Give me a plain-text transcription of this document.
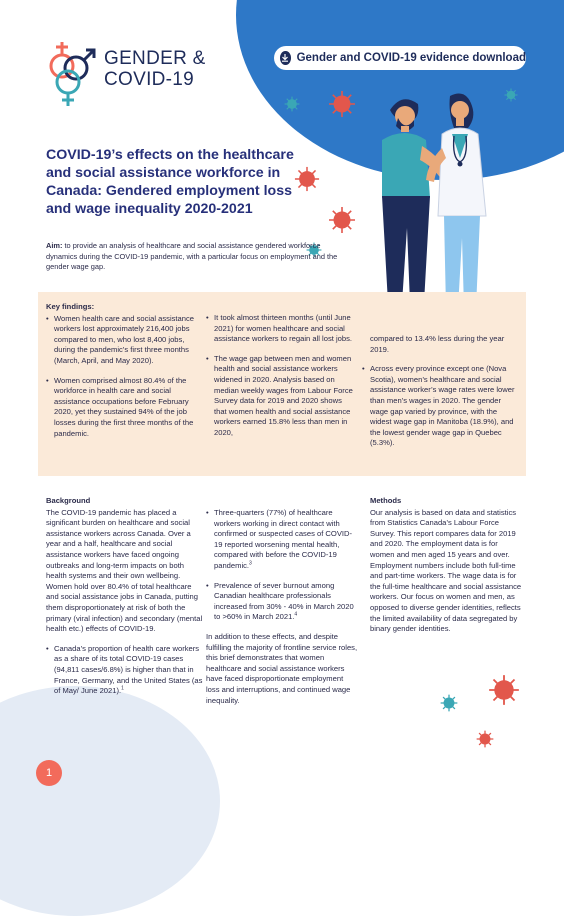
GENDER &
COVID-19
Gender and COVID-19 evidence download
COVID-19’s effects on the healthcare and social assistance workforce in Canada: Gendered employment loss and wage inequality 2020-2021
Aim: to provide an analysis of healthcare and social assistance gendered workforce dynamics during the COVID-19 pandemic, with a particular focus on employment and the gender wage gap.
Key findings:

• Women health care and social assistance workers lost approximately 216,400 jobs compared to men, who lost 8,400 jobs, during the pandemic’s first three months (March, April, and May 2020).

• Women comprised almost 80.4% of the workforce in health care and social assistance occupations before February 2020, yet they sustained 94% of the job losses during the first three months of the pandemic.

• It took almost thirteen months (until June 2021) for women healthcare and social assistance workers to regain all lost jobs.

• The wage gap between men and women health and social assistance workers widened in 2020. Analysis based on median weekly wages from Labour Force Survey data for 2019 and 2020 shows that women health and social assistance workers earned 15.8% less than men in 2020,

compared to 13.4% less during the year 2019.

• Across every province except one (Nova Scotia), women’s healthcare and social assistance worker’s wage rates were lower than men’s wages in 2020. The gender wage gap varied by province, with the widest wage gap in Manitoba (18.9%), and the lowest gender wage gap in Quebec (5.3%).

Background

The COVID-19 pandemic has placed a significant burden on healthcare and social assistance workers across Canada. Over a year and a half, healthcare and social assistance workers have faced ongoing outbreaks and long-term impacts on both health systems and their own wellbeing. Women hold over 80.4% of total healthcare and social assistance jobs in Canada, putting them disproportionately at risk of both the primary (viral infection) and secondary (mental health etc.) effects of COVID-19.

• Canada’s proportion of health care workers as a share of its total COVID-19 cases (94,811 cases/6.8%) is higher than that in France, Germany, and the United States (as of May/ June 2021).$^1$

• Three-quarters (77%) of healthcare workers working in direct contact with confirmed or suspected cases of COVID-19 reported worsening mental health, compared with before the COVID-19 pandemic.$^3$

• Prevalence of sever burnout among Canadian healthcare professionals increased from 30% - 40% in March 2020 to >60% in March 2021.$^4$

In addition to these effects, and despite fulfilling the majority of frontline service roles, this brief demonstrates that women healthcare and social assistance workers have faced disproportionate employment loss and interruptions, and continued wage inequality.

Methods

Our analysis is based on data and statistics from Statistics Canada’s Labour Force Survey. This report compares data for 2019 and 2020. The employment data is for women and men aged 15 years and over. Employment numbers include both full-time and part-time workers. The wage data is for the full-time healthcare and social assistance workers. Our focus on women and men, as opposed to diverse gender identities, reflects the limited availability of data segregated by binary gender identities.

1
